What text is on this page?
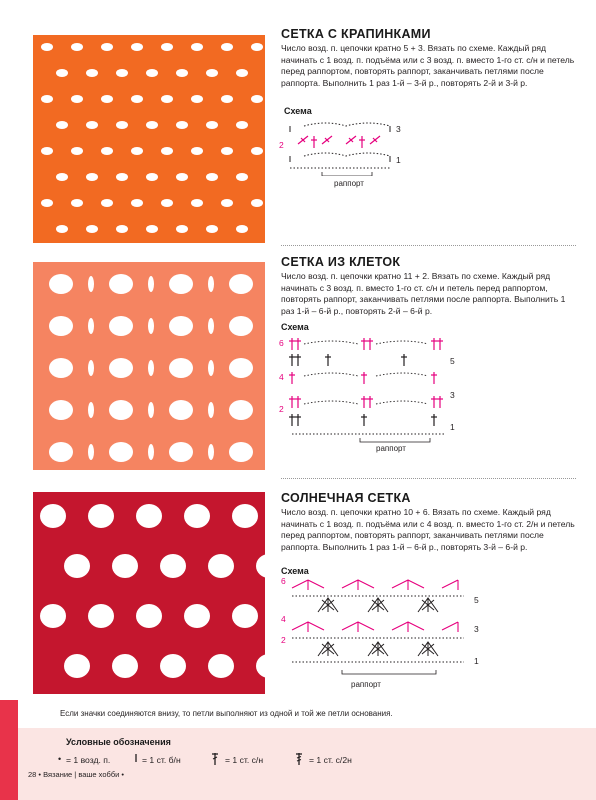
СЕТКА С КРАПИНКАМИ
Число возд. п. цепочки кратно 5 + 3. Вязать по схеме. Каждый ряд начинать с 1 возд. п. подъёма или с 3 возд. п. вместо 1-го ст. с/н и петель перед раппортом, повторять раппорт, заканчивать петлями после раппорта. Выполнить 1 раз 1-й – 3-й р., повторять 2-й и 3-й р.
Схема
3
2
1
раппорт
СЕТКА ИЗ КЛЕТОК
Число возд. п. цепочки кратно 11 + 2. Вязать по схеме. Каждый ряд начинать с 3 возд. п. вместо 1-го ст. с/н и петель перед раппортом, повторять раппорт, заканчивать петлями после раппорта. Выполнить 1 раз 1-й – 6-й р., повторять 2-й – 6-й р.
Схема
6
5
4
3
2
1
раппорт
СОЛНЕЧНАЯ СЕТКА
Число возд. п. цепочки кратно 10 + 6. Вязать по схеме. Каждый ряд начинать с 1 возд. п. подъёма или с 4 возд. п. вместо 1-го ст. 2/н и петель перед раппортом, повторять раппорт, заканчивать петлями после раппорта. Выполнить 1 раз 1-й – 6-й р., повторять 3-й – 6-й р.
Схема
6
5
4
3
2
1
раппорт
Если значки соединяются внизу, то петли выполняют из одной и той же петли основания.
Условные обозначения
• = 1 возд. п.	= 1 ст. б/н	= 1 ст. с/н	= 1 ст. с/2н
28 • Вязание | ваше хобби •
